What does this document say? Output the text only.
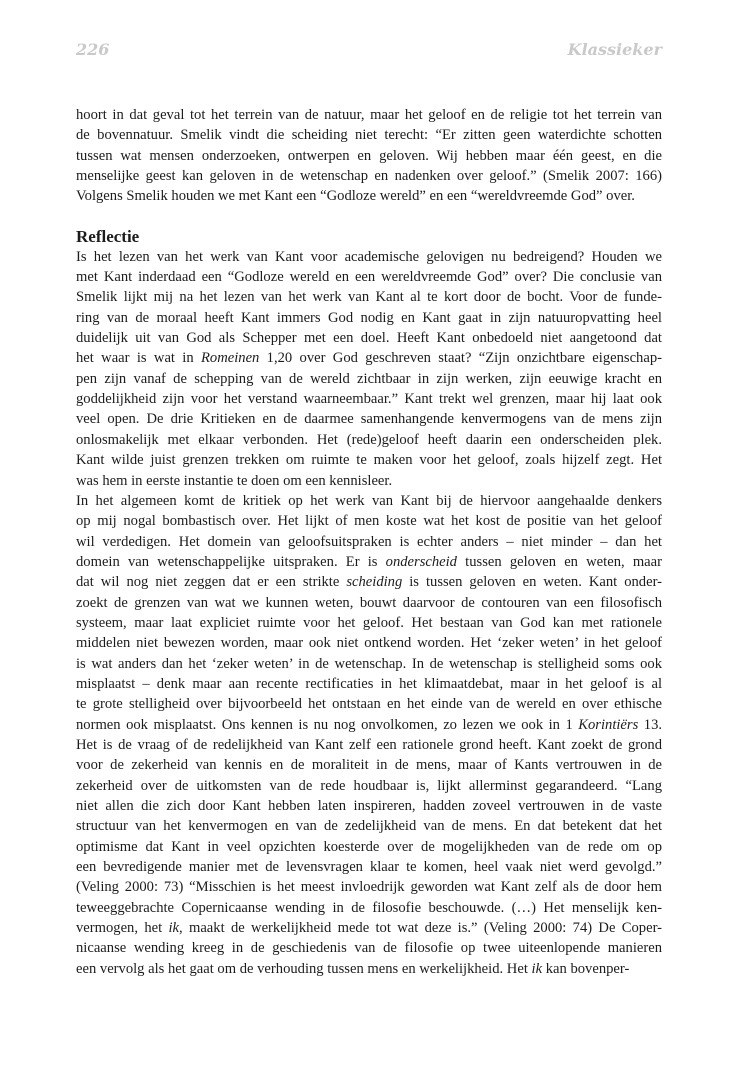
226	Klassieker
hoort in dat geval tot het terrein van de natuur, maar het geloof en de religie tot het terrein van
de bovennatuur. Smelik vindt die scheiding niet terecht: “Er zitten geen waterdichte schotten
tussen wat mensen onderzoeken, ontwerpen en geloven. Wij hebben maar één geest, en die
menselijke geest kan geloven in de wetenschap en nadenken over geloof.” (Smelik 2007: 166)
Volgens Smelik houden we met Kant een “Godloze wereld” en een “wereldvreemde God” over.
Reflectie
Is het lezen van het werk van Kant voor academische gelovigen nu bedreigend? Houden we
met Kant inderdaad een “Godloze wereld en een wereldvreemde God” over? Die conclusie van
Smelik lijkt mij na het lezen van het werk van Kant al te kort door de bocht. Voor de funde-
ring van de moraal heeft Kant immers God nodig en Kant gaat in zijn natuuropvatting heel
duidelijk uit van God als Schepper met een doel. Heeft Kant onbedoeld niet aangetoond dat
het waar is wat in Romeinen 1,20 over God geschreven staat? “Zijn onzichtbare eigenschap-
pen zijn vanaf de schepping van de wereld zichtbaar in zijn werken, zijn eeuwige kracht en
goddelijkheid zijn voor het verstand waarneembaar.” Kant trekt wel grenzen, maar hij laat ook
veel open. De drie Kritieken en de daarmee samenhangende kenvermogens van de mens zijn
onlosmakelijk met elkaar verbonden. Het (rede)geloof heeft daarin een onderscheiden plek.
Kant wilde juist grenzen trekken om ruimte te maken voor het geloof, zoals hijzelf zegt. Het
was hem in eerste instantie te doen om een kennisleer.
In het algemeen komt de kritiek op het werk van Kant bij de hiervoor aangehaalde denkers
op mij nogal bombastisch over. Het lijkt of men koste wat het kost de positie van het geloof
wil verdedigen. Het domein van geloofsuitspraken is echter anders – niet minder – dan het
domein van wetenschappelijke uitspraken. Er is onderscheid tussen geloven en weten, maar
dat wil nog niet zeggen dat er een strikte scheiding is tussen geloven en weten. Kant onder-
zoekt de grenzen van wat we kunnen weten, bouwt daarvoor de contouren van een filosofisch
systeem, maar laat expliciet ruimte voor het geloof. Het bestaan van God kan met rationele
middelen niet bewezen worden, maar ook niet ontkend worden. Het ‘zeker weten’ in het geloof
is wat anders dan het ‘zeker weten’ in de wetenschap. In de wetenschap is stelligheid soms ook
misplaatst – denk maar aan recente rectificaties in het klimaatdebat, maar in het geloof is al
te grote stelligheid over bijvoorbeeld het ontstaan en het einde van de wereld en over ethische
normen ook misplaatst. Ons kennen is nu nog onvolkomen, zo lezen we ook in 1 Korintiërs 13.
Het is de vraag of de redelijkheid van Kant zelf een rationele grond heeft. Kant zoekt de grond
voor de zekerheid van kennis en de moraliteit in de mens, maar of Kants vertrouwen in de
zekerheid over de uitkomsten van de rede houdbaar is, lijkt allerminst gegarandeerd. “Lang
niet allen die zich door Kant hebben laten inspireren, hadden zoveel vertrouwen in de vaste
structuur van het kenvermogen en van de zedelijkheid van de mens. En dat betekent dat het
optimisme dat Kant in veel opzichten koesterde over de mogelijkheden van de rede om op
een bevredigende manier met de levensvragen klaar te komen, heel vaak niet werd gevolgd.”
(Veling 2000: 73) “Misschien is het meest invloedrijk geworden wat Kant zelf als de door hem
teweeggebrachte Copernicaanse wending in de filosofie beschouwde. (…) Het menselijk ken-
vermogen, het ik, maakt de werkelijkheid mede tot wat deze is.” (Veling 2000: 74) De Coper-
nicaanse wending kreeg in de geschiedenis van de filosofie op twee uiteenlopende manieren
een vervolg als het gaat om de verhouding tussen mens en werkelijkheid. Het ik kan bovenper-
